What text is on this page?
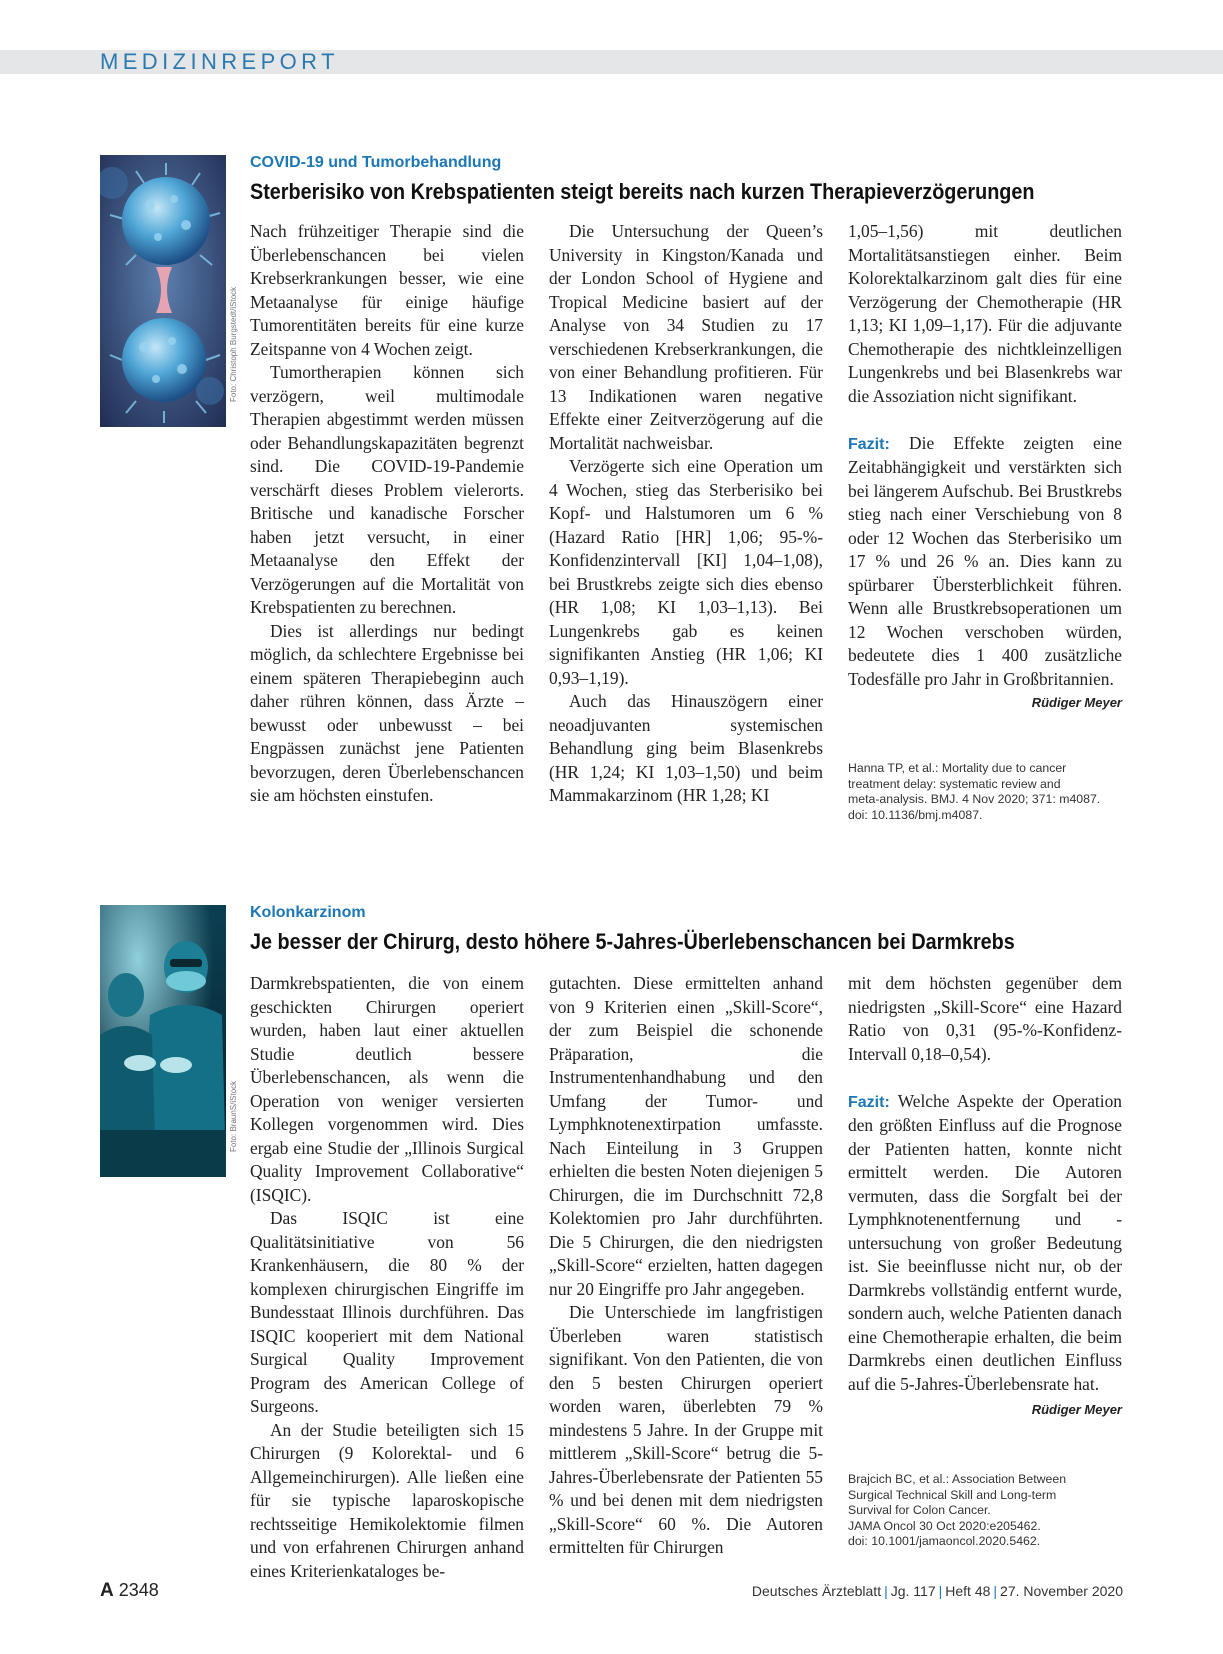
MEDIZINREPORT
Foto: Christoph Burgstedt/iStock
COVID-19 und Tumorbehandlung
Sterberisiko von Krebspatienten steigt bereits nach kurzen Therapieverzögerungen

Nach frühzeitiger Therapie sind die Überlebenschancen bei vielen Krebserkrankungen besser, wie eine Metaanalyse für einige häufige Tumorentitäten bereits für eine kurze Zeitspanne von 4 Wochen zeigt.

Tumortherapien können sich verzögern, weil multimodale Therapien abgestimmt werden müssen oder Behandlungskapazitäten begrenzt sind. Die COVID-19-Pandemie verschärft dieses Problem vielerorts. Britische und kanadische Forscher haben jetzt versucht, in einer Metaanalyse den Effekt der Verzögerungen auf die Mortalität von Krebspatienten zu berechnen.

Dies ist allerdings nur bedingt möglich, da schlechtere Ergebnisse bei einem späteren Therapiebeginn auch daher rühren können, dass Ärzte – bewusst oder unbewusst – bei Engpässen zunächst jene Patienten bevorzugen, deren Überlebenschancen sie am höchsten einstufen.

Die Untersuchung der Queen’s University in Kingston/Kanada und der London School of Hygiene and Tropical Medicine basiert auf der Analyse von 34 Studien zu 17 verschiedenen Krebserkrankungen, die von einer Behandlung profitieren. Für 13 Indikationen waren negative Effekte einer Zeitverzögerung auf die Mortalität nachweisbar.

Verzögerte sich eine Operation um 4 Wochen, stieg das Sterberisiko bei Kopf- und Halstumoren um 6 % (Hazard Ratio [HR] 1,06; 95-%-Konfidenzintervall [KI] 1,04–1,08), bei Brustkrebs zeigte sich dies ebenso (HR 1,08; KI 1,03–1,13). Bei Lungenkrebs gab es keinen signifikanten Anstieg (HR 1,06; KI 0,93–1,19).

Auch das Hinauszögern einer neoadjuvanten systemischen Behandlung ging beim Blasenkrebs (HR 1,24; KI 1,03–1,50) und beim Mammakarzinom (HR 1,28; KI

1,05–1,56) mit deutlichen Mortalitätsanstiegen einher. Beim Kolorektalkarzinom galt dies für eine Verzögerung der Chemotherapie (HR 1,13; KI 1,09–1,17). Für die adjuvante Chemotherapie des nichtkleinzelligen Lungenkrebs und bei Blasenkrebs war die Assoziation nicht signifikant.

Fazit: Die Effekte zeigten eine Zeitabhängigkeit und verstärkten sich bei längerem Aufschub. Bei Brustkrebs stieg nach einer Verschiebung von 8 oder 12 Wochen das Sterberisiko um 17 % und 26 % an. Dies kann zu spürbarer Übersterblichkeit führen. Wenn alle Brustkrebsoperationen um 12 Wochen verschoben würden, bedeutete dies 1 400 zusätzliche Todesfälle pro Jahr in Großbritannien.
Rüdiger Meyer

Hanna TP, et al.: Mortality due to cancer
treatment delay: systematic review and
meta-analysis. BMJ. 4 Nov 2020; 371: m4087.
doi: 10.1136/bmj.m4087.
Foto: BraunS/iStock
Kolonkarzinom
Je besser der Chirurg, desto höhere 5-Jahres-Überlebenschancen bei Darmkrebs

Darmkrebspatienten, die von einem geschickten Chirurgen operiert wurden, haben laut einer aktuellen Studie deutlich bessere Überlebenschancen, als wenn die Operation von weniger versierten Kollegen vorgenommen wird. Dies ergab eine Studie der „Illinois Surgical Quality Improvement Collaborative“ (ISQIC).

Das ISQIC ist eine Qualitätsinitiative von 56 Krankenhäusern, die 80 % der komplexen chirurgischen Eingriffe im Bundesstaat Illinois durchführen. Das ISQIC kooperiert mit dem National Surgical Quality Improvement Program des American College of Surgeons.

An der Studie beteiligten sich 15 Chirurgen (9 Kolorektal- und 6 Allgemeinchirurgen). Alle ließen eine für sie typische laparoskopische rechtsseitige Hemikolektomie filmen und von erfahrenen Chirurgen anhand eines Kriterienkataloges be-

gutachten. Diese ermittelten anhand von 9 Kriterien einen „Skill-Score“, der zum Beispiel die schonende Präparation, die Instrumentenhandhabung und den Umfang der Tumor- und Lymphknotenextirpation umfasste. Nach Einteilung in 3 Gruppen erhielten die besten Noten diejenigen 5 Chirurgen, die im Durchschnitt 72,8 Kolektomien pro Jahr durchführten. Die 5 Chirurgen, die den niedrigsten „Skill-Score“ erzielten, hatten dagegen nur 20 Eingriffe pro Jahr angegeben.

Die Unterschiede im langfristigen Überleben waren statistisch signifikant. Von den Patienten, die von den 5 besten Chirurgen operiert worden waren, überlebten 79 % mindestens 5 Jahre. In der Gruppe mit mittlerem „Skill-Score“ betrug die 5-Jahres-Überlebensrate der Patienten 55 % und bei denen mit dem niedrigsten „Skill-Score“ 60 %. Die Autoren ermittelten für Chirurgen

mit dem höchsten gegenüber dem niedrigsten „Skill-Score“ eine Hazard Ratio von 0,31 (95-%-Konfidenz-Intervall 0,18–0,54).

Fazit: Welche Aspekte der Operation den größten Einfluss auf die Prognose der Patienten hatten, konnte nicht ermittelt werden. Die Autoren vermuten, dass die Sorgfalt bei der Lymphknotenentfernung und -untersuchung von großer Bedeutung ist. Sie beeinflusse nicht nur, ob der Darmkrebs vollständig entfernt wurde, sondern auch, welche Patienten danach eine Chemotherapie erhalten, die beim Darmkrebs einen deutlichen Einfluss auf die 5-Jahres-Überlebensrate hat.

Rüdiger Meyer
Brajcich BC, et al.: Association Between
Surgical Technical Skill and Long-term
Survival for Colon Cancer.
JAMA Oncol 30 Oct 2020:e205462.
doi: 10.1001/jamaoncol.2020.5462.
A 2348	Deutsches Ärzteblatt | Jg. 117 | Heft 48 | 27. November 2020
